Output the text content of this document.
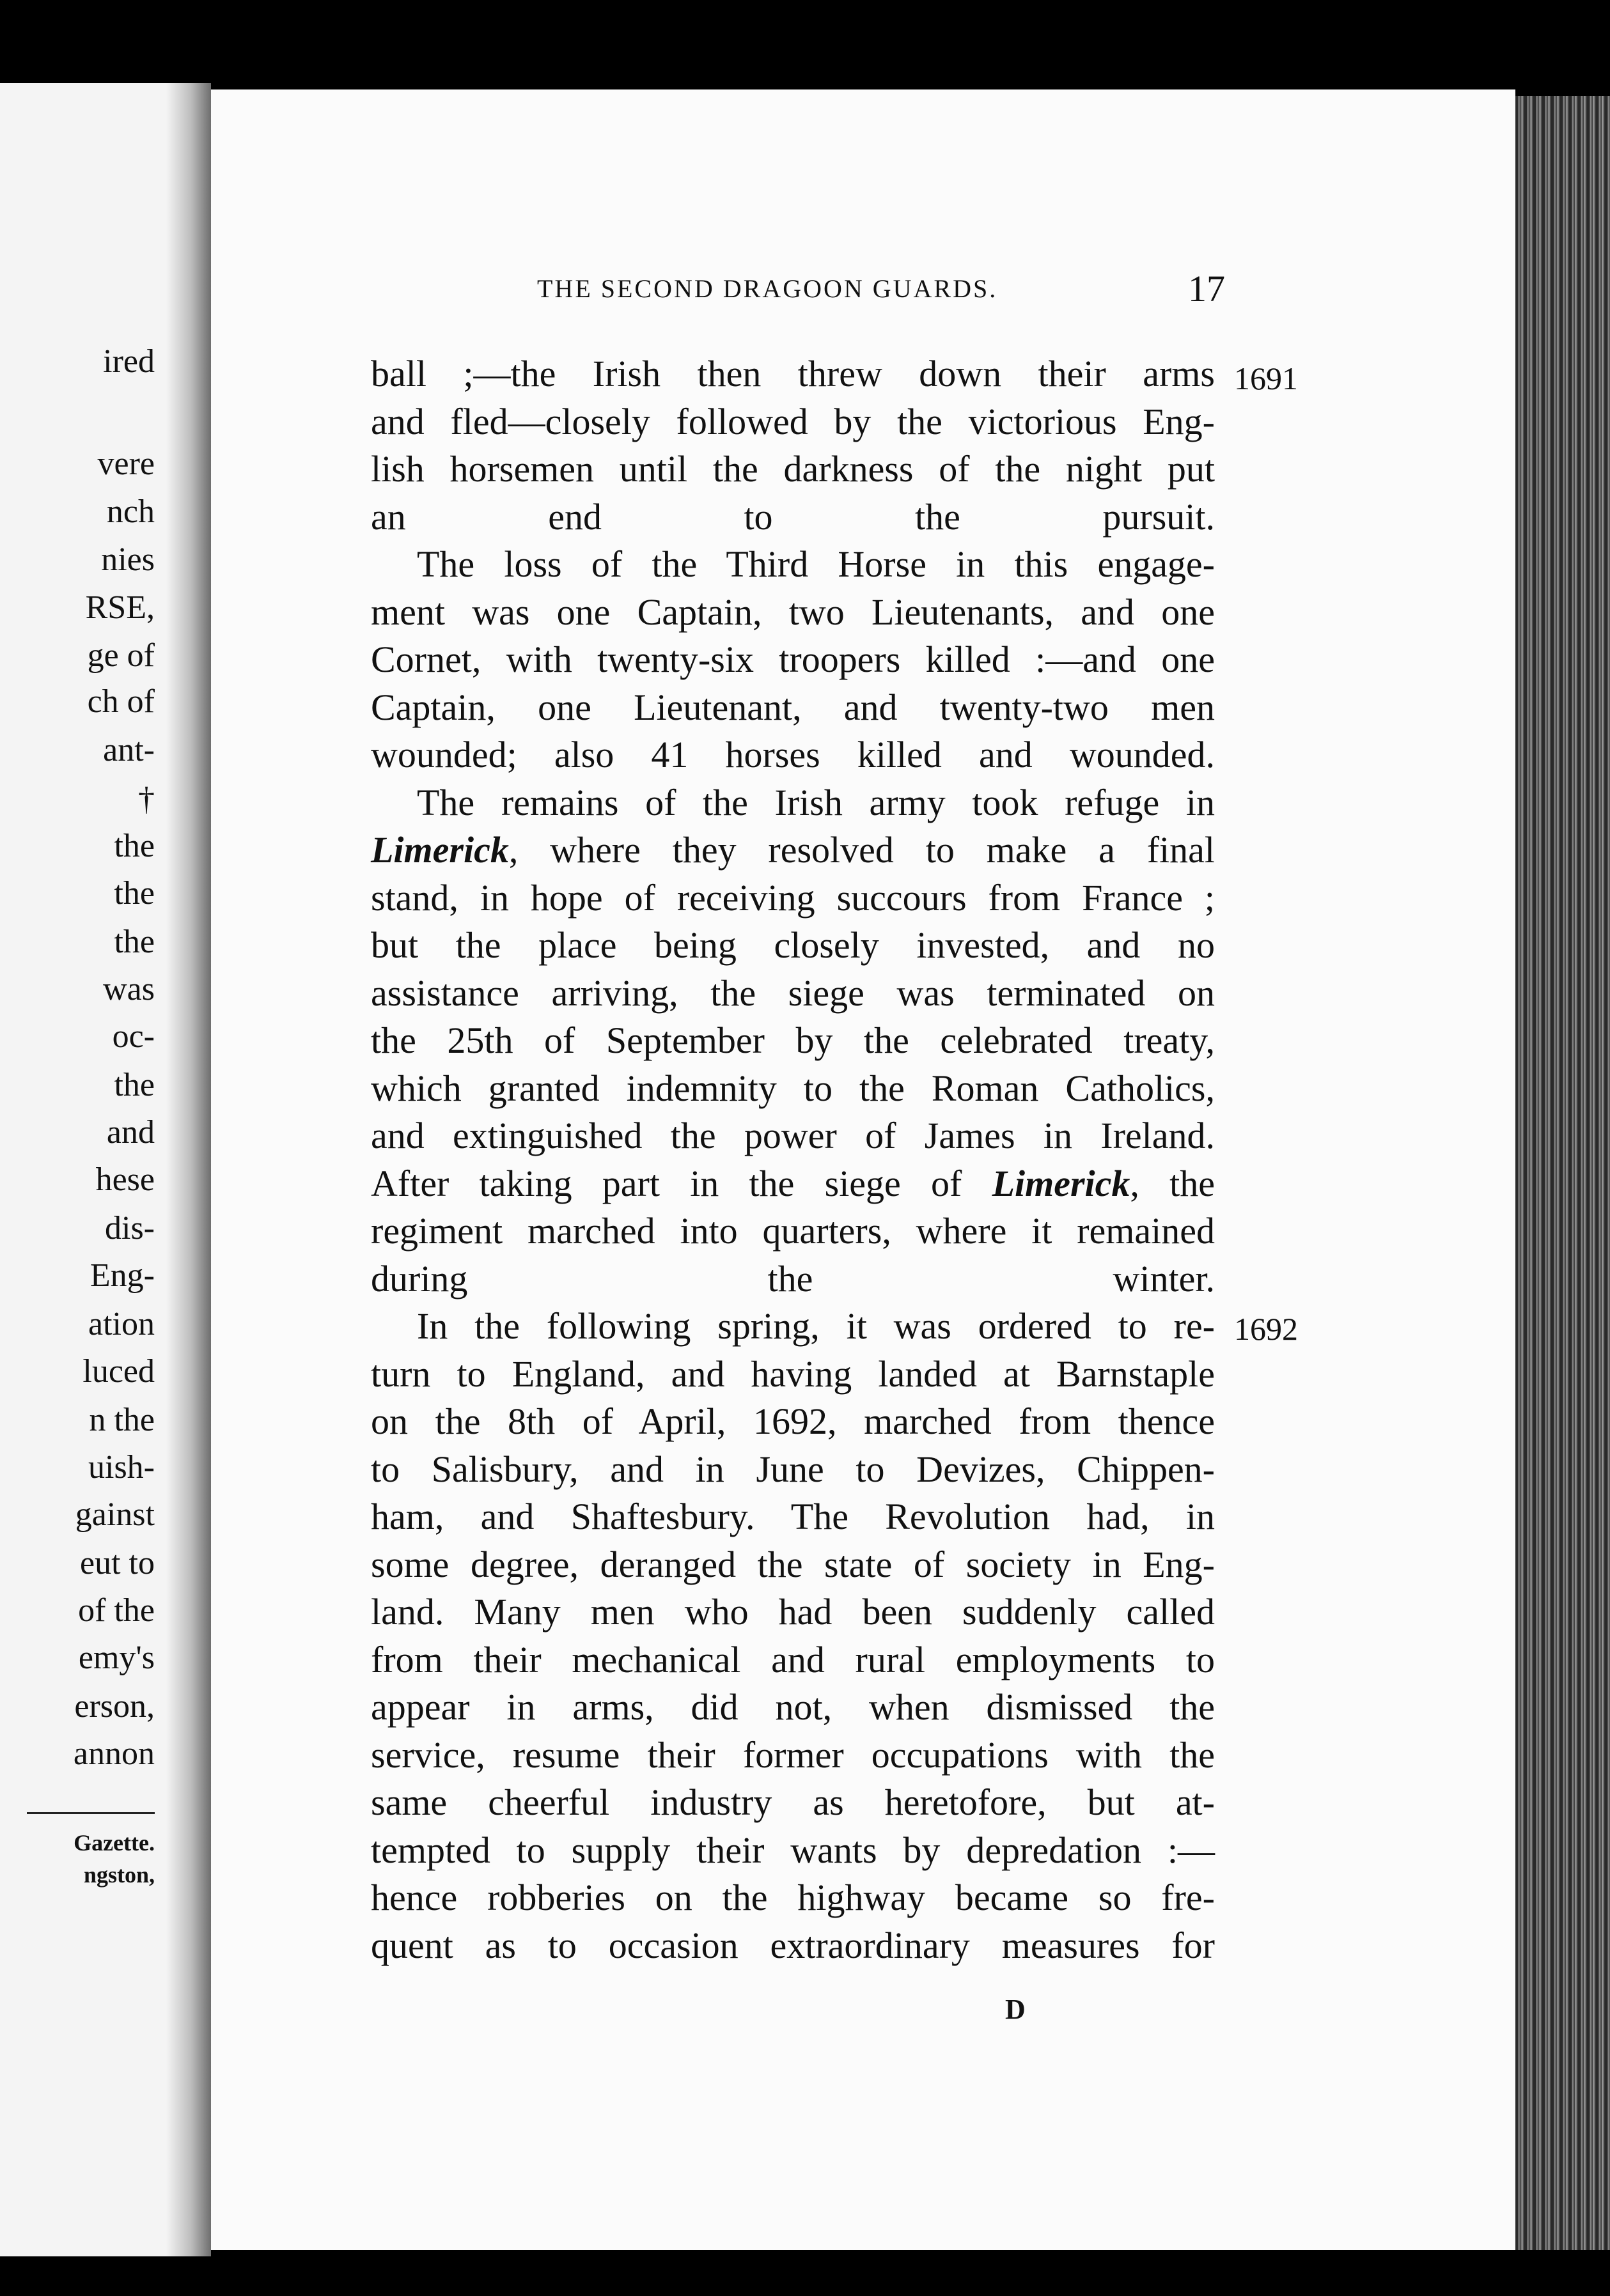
ired
vere
nch
nies
RSE,
ge of
ch of
ant-
†
the
the
the
was
oc-
the
and
hese
dis-
Eng-
ation
luced
n the
uish-
gainst
eut to
of the
emy's
erson,
annon
Gazette.
ngston,
THE SECOND DRAGOON GUARDS.	17
1691
1692

ball ;—the Irish then threw down their arms
and fled—closely followed by the victorious Eng-
lish horsemen until the darkness of the night put
an end to the pursuit.

The loss of the Third Horse in this engage-
ment was one Captain, two Lieutenants, and one
Cornet, with twenty-six troopers killed :—and one
Captain, one Lieutenant, and twenty-two men
wounded; also 41 horses killed and wounded.

The remains of the Irish army took refuge in
Limerick, where they resolved to make a final
stand, in hope of receiving succours from France ;
but the place being closely invested, and no
assistance arriving, the siege was terminated on
the 25th of September by the celebrated treaty,
which granted indemnity to the Roman Catholics,
and extinguished the power of James in Ireland.
After taking part in the siege of Limerick, the
regiment marched into quarters, where it remained
during the winter.

In the following spring, it was ordered to re-
turn to England, and having landed at Barnstaple
on the 8th of April, 1692, marched from thence
to Salisbury, and in June to Devizes, Chippen-
ham, and Shaftesbury. The Revolution had, in
some degree, deranged the state of society in Eng-
land. Many men who had been suddenly called
from their mechanical and rural employments to
appear in arms, did not, when dismissed the
service, resume their former occupations with the
same cheerful industry as heretofore, but at-
tempted to supply their wants by depredation :—
hence robberies on the highway became so fre-
quent as to occasion extraordinary measures for

D
